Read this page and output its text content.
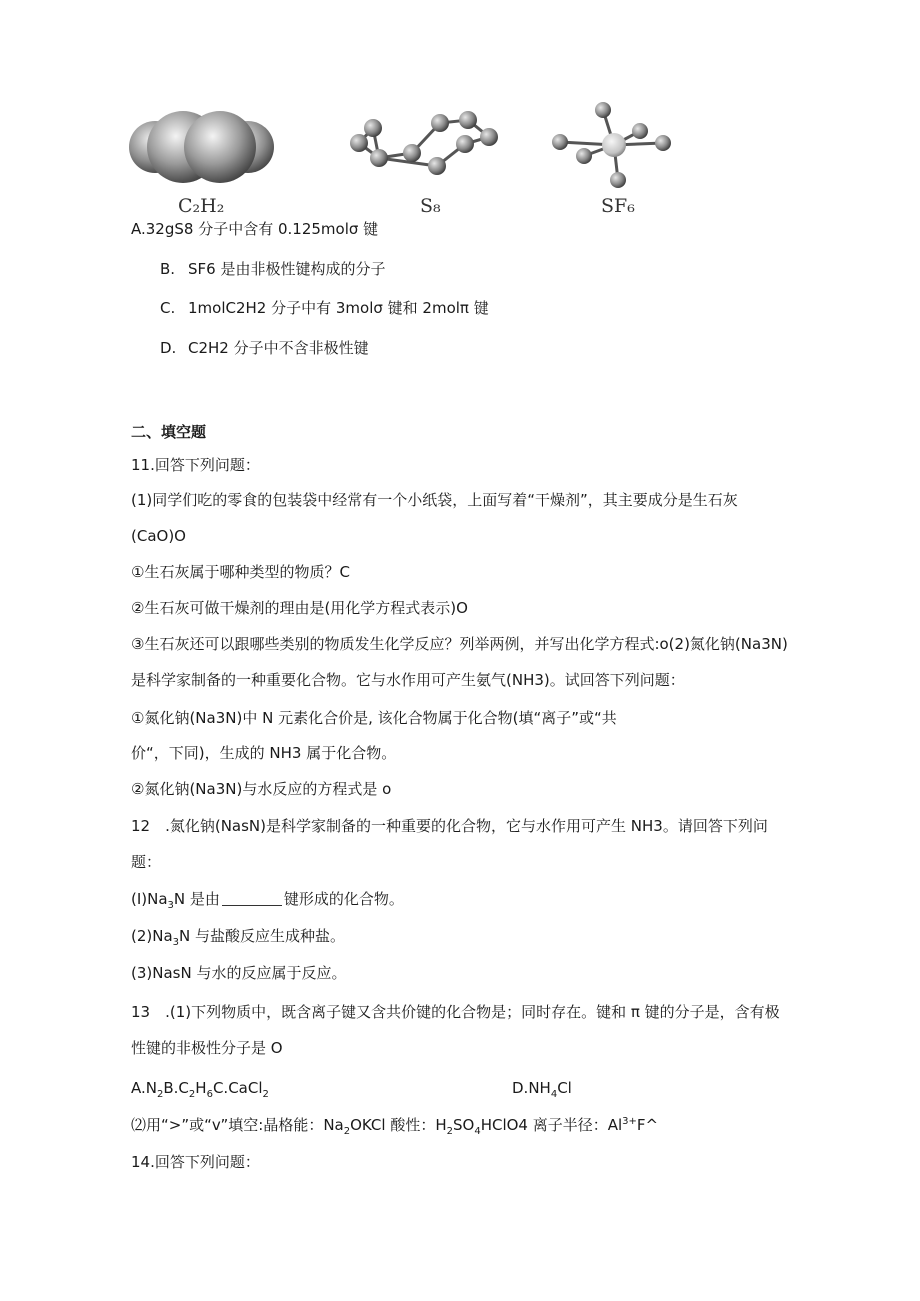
C₂H₂	S₈	SF₆
A.32gS8 分子中含有 0.125molσ 键
B. SF6 是由非极性键构成的分子
C. 1molC2H2 分子中有 3molσ 键和 2molπ 键
D. C2H2 分子中不含非极性键
二、填空题
11.回答下列问题：
(1)同学们吃的零食的包装袋中经常有一个小纸袋，上面写着“干燥剂”，其主要成分是生石灰
(CaO)O
①生石灰属于哪种类型的物质？C
②生石灰可做干燥剂的理由是(用化学方程式表示)O
③生石灰还可以跟哪些类别的物质发生化学反应？列举两例，并写出化学方程式:o(2)氮化钠(Na3N)
是科学家制备的一种重要化合物。它与水作用可产生氨气(NH3)。试回答下列问题：
①氮化钠(Na3N)中 N 元素化合价是, 该化合物属于化合物(填“离子”或“共
价“，下同)，生成的 NH3 属于化合物。
②氮化钠(Na3N)与水反应的方程式是 o
12　.氮化钠(NasN)是科学家制备的一种重要的化合物，它与水作用可产生 NH3。请回答下列问
题：
$(I)Na_3N$ 是由	键形成的化合物。
$(2)Na_3N$ 与盐酸反应生成种盐。
(3)NasN 与水的反应属于反应。
13　.(1)下列物质中，既含离子键又含共价键的化合物是；同时存在。键和 π 键的分子是，含有极
性键的非极性分子是 O
$A.N_2B.C_2H_6C.CaCl_2$	$D.NH_4Cl$
⑵用“>”或“v”填空:晶格能：$Na_2OKCl$ 酸性：$H_2SO_4HClO4$ 离子半径：$Al^{3+}F\^{}$
14.回答下列问题：
